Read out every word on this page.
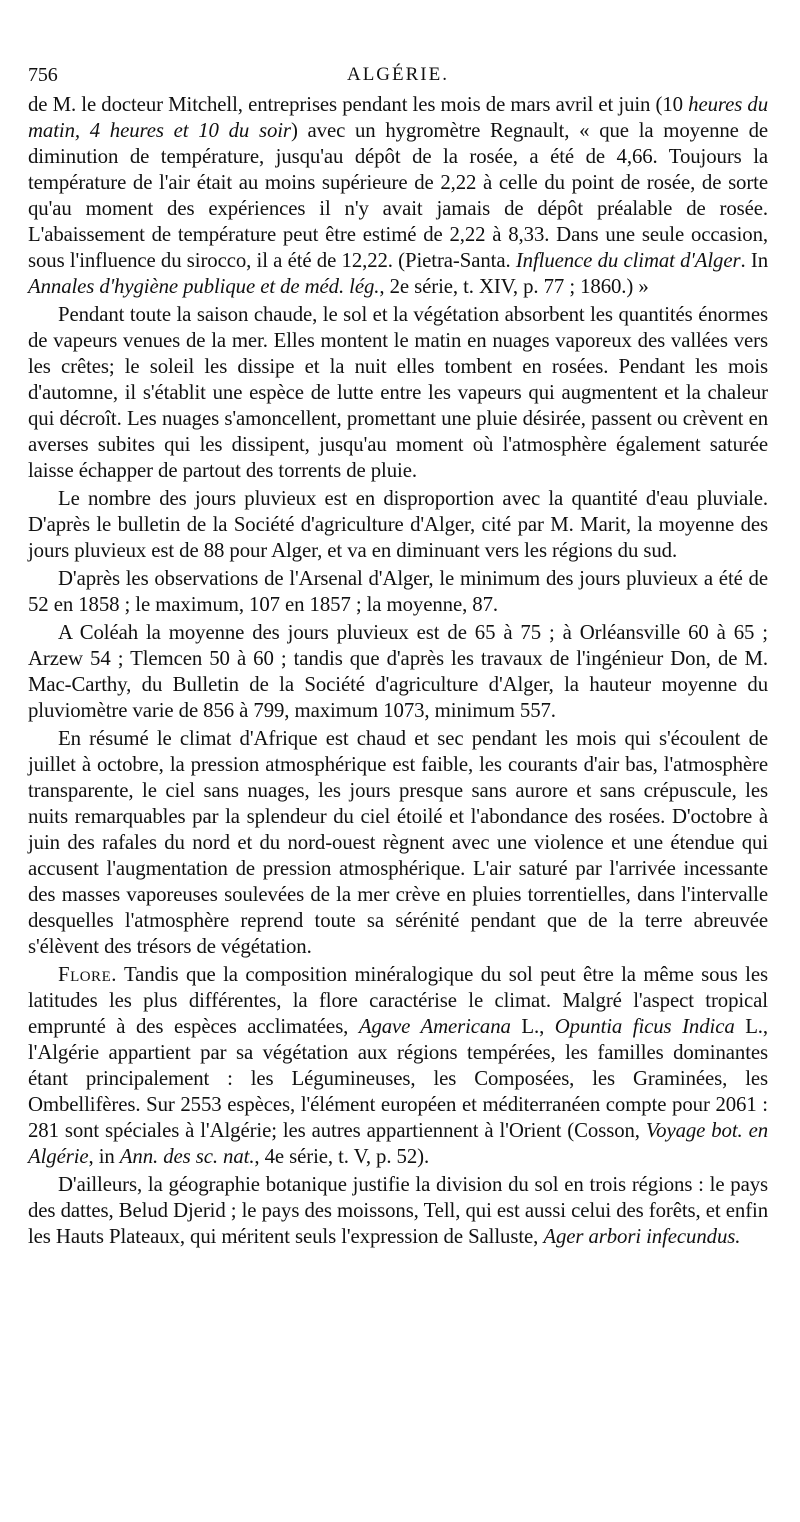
756	ALGÉRIE.

de M. le docteur Mitchell, entreprises pendant les mois de mars avril et juin (10 heures du matin, 4 heures et 10 du soir) avec un hygromètre Regnault, « que la moyenne de diminution de température, jusqu'au dépôt de la rosée, a été de 4,66. Toujours la température de l'air était au moins supérieure de 2,22 à celle du point de rosée, de sorte qu'au moment des expériences il n'y avait jamais de dépôt préalable de rosée. L'abaissement de température peut être estimé de 2,22 à 8,33. Dans une seule occasion, sous l'influence du sirocco, il a été de 12,22. (Pietra-Santa. Influence du climat d'Alger. In Annales d'hygiène publique et de méd. lég., 2e série, t. XIV, p. 77 ; 1860.) »

Pendant toute la saison chaude, le sol et la végétation absorbent les quantités énormes de vapeurs venues de la mer. Elles montent le matin en nuages vaporeux des vallées vers les crêtes; le soleil les dissipe et la nuit elles tombent en rosées. Pendant les mois d'automne, il s'établit une espèce de lutte entre les vapeurs qui augmentent et la chaleur qui décroît. Les nuages s'amoncellent, promettant une pluie désirée, passent ou crèvent en averses subites qui les dissipent, jusqu'au moment où l'atmosphère également saturée laisse échapper de partout des torrents de pluie.

Le nombre des jours pluvieux est en disproportion avec la quantité d'eau pluviale. D'après le bulletin de la Société d'agriculture d'Alger, cité par M. Marit, la moyenne des jours pluvieux est de 88 pour Alger, et va en diminuant vers les régions du sud.

D'après les observations de l'Arsenal d'Alger, le minimum des jours pluvieux a été de 52 en 1858 ; le maximum, 107 en 1857 ; la moyenne, 87.

A Coléah la moyenne des jours pluvieux est de 65 à 75 ; à Orléansville 60 à 65 ; Arzew 54 ; Tlemcen 50 à 60 ; tandis que d'après les travaux de l'ingénieur Don, de M. Mac-Carthy, du Bulletin de la Société d'agriculture d'Alger, la hauteur moyenne du pluviomètre varie de 856 à 799, maximum 1073, minimum 557.

En résumé le climat d'Afrique est chaud et sec pendant les mois qui s'écoulent de juillet à octobre, la pression atmosphérique est faible, les courants d'air bas, l'atmosphère transparente, le ciel sans nuages, les jours presque sans aurore et sans crépuscule, les nuits remarquables par la splendeur du ciel étoilé et l'abondance des rosées. D'octobre à juin des rafales du nord et du nord-ouest règnent avec une violence et une étendue qui accusent l'augmentation de pression atmosphérique. L'air saturé par l'arrivée incessante des masses vaporeuses soulevées de la mer crève en pluies torrentielles, dans l'intervalle desquelles l'atmosphère reprend toute sa sérénité pendant que de la terre abreuvée s'élèvent des trésors de végétation.

Flore. Tandis que la composition minéralogique du sol peut être la même sous les latitudes les plus différentes, la flore caractérise le climat. Malgré l'aspect tropical emprunté à des espèces acclimatées, Agave Americana L., Opuntia ficus Indica L., l'Algérie appartient par sa végétation aux régions tempérées, les familles dominantes étant principalement : les Légumineuses, les Composées, les Graminées, les Ombellifères. Sur 2553 espèces, l'élément européen et méditerranéen compte pour 2061 : 281 sont spéciales à l'Algérie; les autres appartiennent à l'Orient (Cosson, Voyage bot. en Algérie, in Ann. des sc. nat., 4e série, t. V, p. 52).

D'ailleurs, la géographie botanique justifie la division du sol en trois régions : le pays des dattes, Belud Djerid ; le pays des moissons, Tell, qui est aussi celui des forêts, et enfin les Hauts Plateaux, qui méritent seuls l'expression de Salluste, Ager arbori infecundus.
